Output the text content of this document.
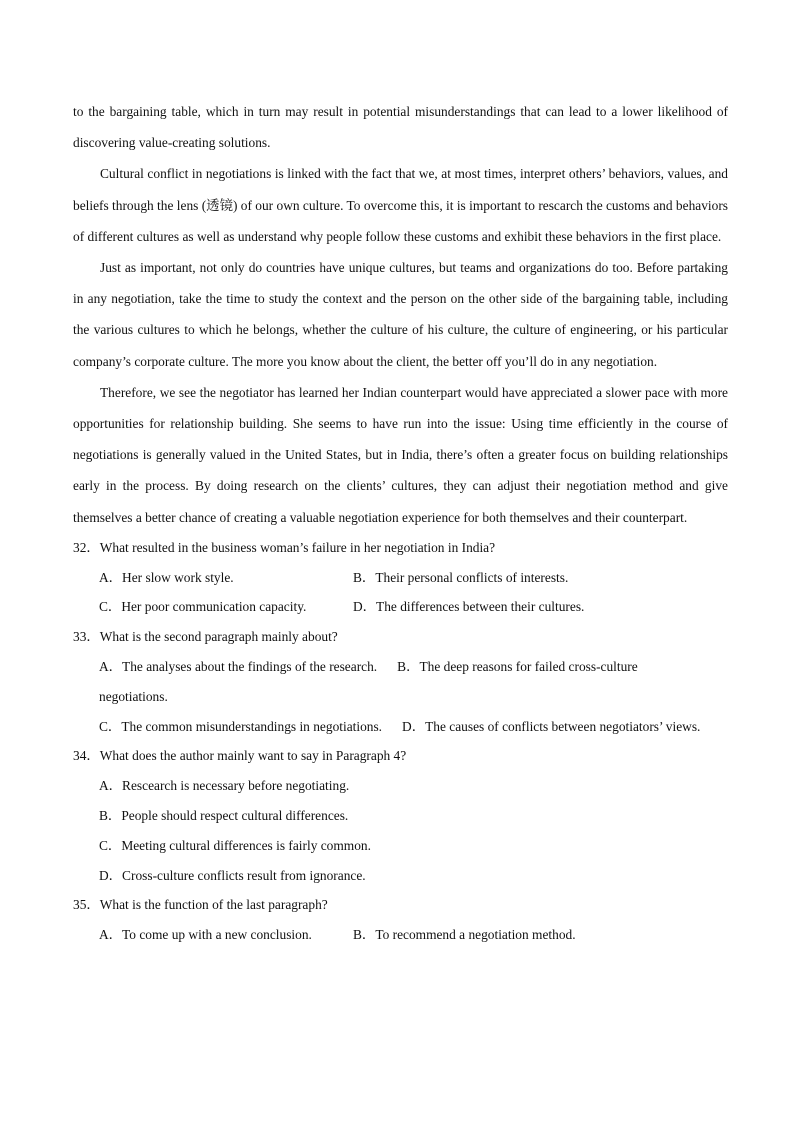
to the bargaining table, which in turn may result in potential misunderstandings that can lead to a lower likelihood of discovering value-creating solutions.

Cultural conflict in negotiations is linked with the fact that we, at most times, interpret others’ behaviors, values, and beliefs through the lens (透镜) of our own culture. To overcome this, it is important to rescarch the customs and behaviors of different cultures as well as understand why people follow these customs and exhibit these behaviors in the first place.

Just as important, not only do countries have unique cultures, but teams and organizations do too. Before partaking in any negotiation, take the time to study the context and the person on the other side of the bargaining table, including the various cultures to which he belongs, whether the culture of his culture, the culture of engineering, or his particular company’s corporate culture. The more you know about the client, the better off you’ll do in any negotiation.

Therefore, we see the negotiator has learned her Indian counterpart would have appreciated a slower pace with more opportunities for relationship building. She seems to have run into the issue: Using time efficiently in the course of negotiations is generally valued in the United States, but in India, there’s often a greater focus on building relationships early in the process. By doing research on the clients’ cultures, they can adjust their negotiation method and give themselves a better chance of creating a valuable negotiation experience for both themselves and their counterpart.

32．What resulted in the business woman’s failure in her negotiation in India?

A．Her slow work style.	B．Their personal conflicts of interests.
C．Her poor communication capacity.	D．The differences between their cultures.

33．What is the second paragraph mainly about?

A．The analyses about the findings of the research. B．The deep reasons for failed cross-culture
negotiations.
C．The common misunderstandings in negotiations. D．The causes of conflicts between negotiators’ views.

34．What does the author mainly want to say in Paragraph 4?

A．Rescearch is necessary before negotiating.
B．People should respect cultural differences.
C．Meeting cultural differences is fairly common.
D．Cross-culture conflicts result from ignorance.

35．What is the function of the last paragraph?

A．To come up with a new conclusion.	B．To recommend a negotiation method.
